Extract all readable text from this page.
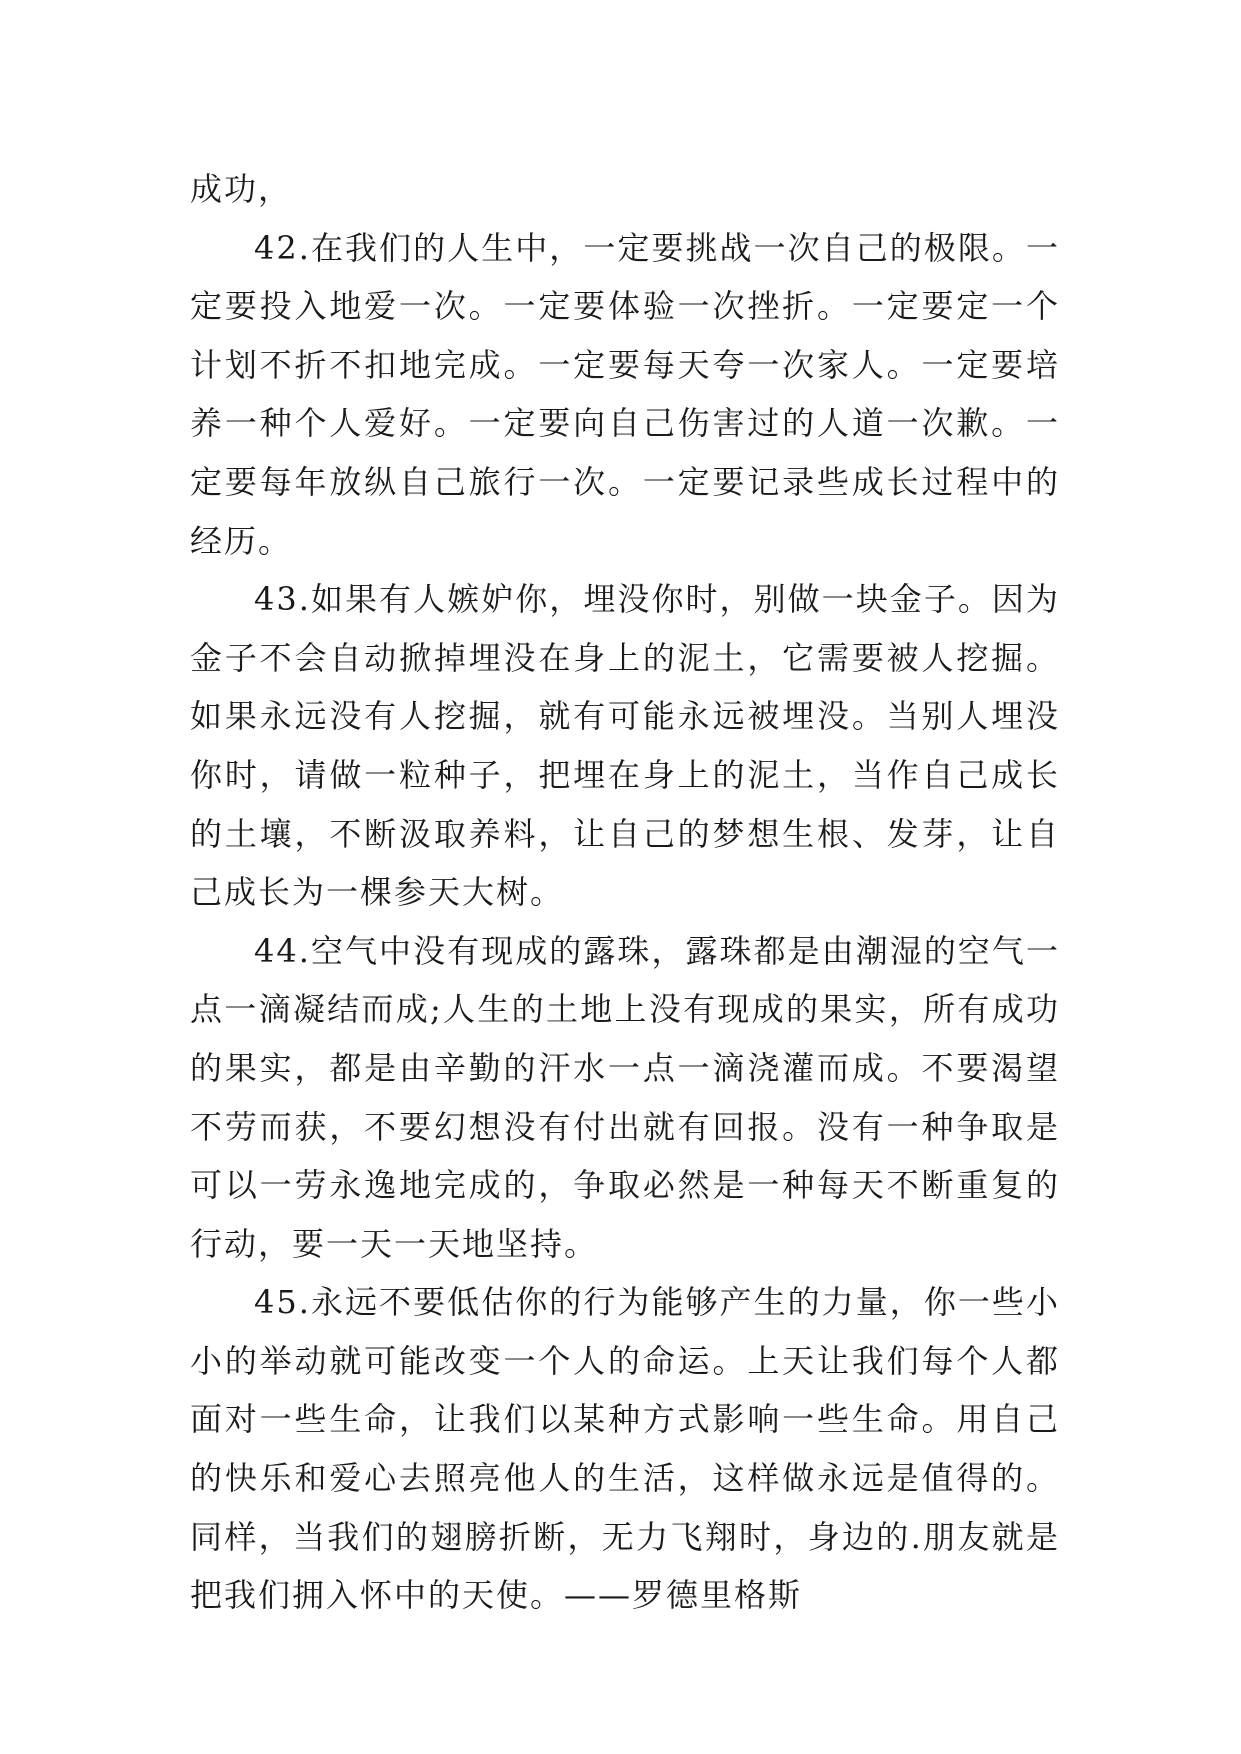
成功，

42.在我们的人生中，一定要挑战一次自己的极限。一定要投入地爱一次。一定要体验一次挫折。一定要定一个计划不折不扣地完成。一定要每天夸一次家人。一定要培养一种个人爱好。一定要向自己伤害过的人道一次歉。一定要每年放纵自己旅行一次。一定要记录些成长过程中的经历。

43.如果有人嫉妒你，埋没你时，别做一块金子。因为金子不会自动掀掉埋没在身上的泥土，它需要被人挖掘。如果永远没有人挖掘，就有可能永远被埋没。当别人埋没你时，请做一粒种子，把埋在身上的泥土，当作自己成长的土壤，不断汲取养料，让自己的梦想生根、发芽，让自己成长为一棵参天大树。

44.空气中没有现成的露珠，露珠都是由潮湿的空气一点一滴凝结而成;人生的土地上没有现成的果实，所有成功的果实，都是由辛勤的汗水一点一滴浇灌而成。不要渴望不劳而获，不要幻想没有付出就有回报。没有一种争取是可以一劳永逸地完成的，争取必然是一种每天不断重复的行动，要一天一天地坚持。

45.永远不要低估你的行为能够产生的力量，你一些小小的举动就可能改变一个人的命运。上天让我们每个人都面对一些生命，让我们以某种方式影响一些生命。用自己的快乐和爱心去照亮他人的生活，这样做永远是值得的。同样，当我们的翅膀折断，无力飞翔时，身边的.朋友就是把我们拥入怀中的天使。——罗德里格斯
